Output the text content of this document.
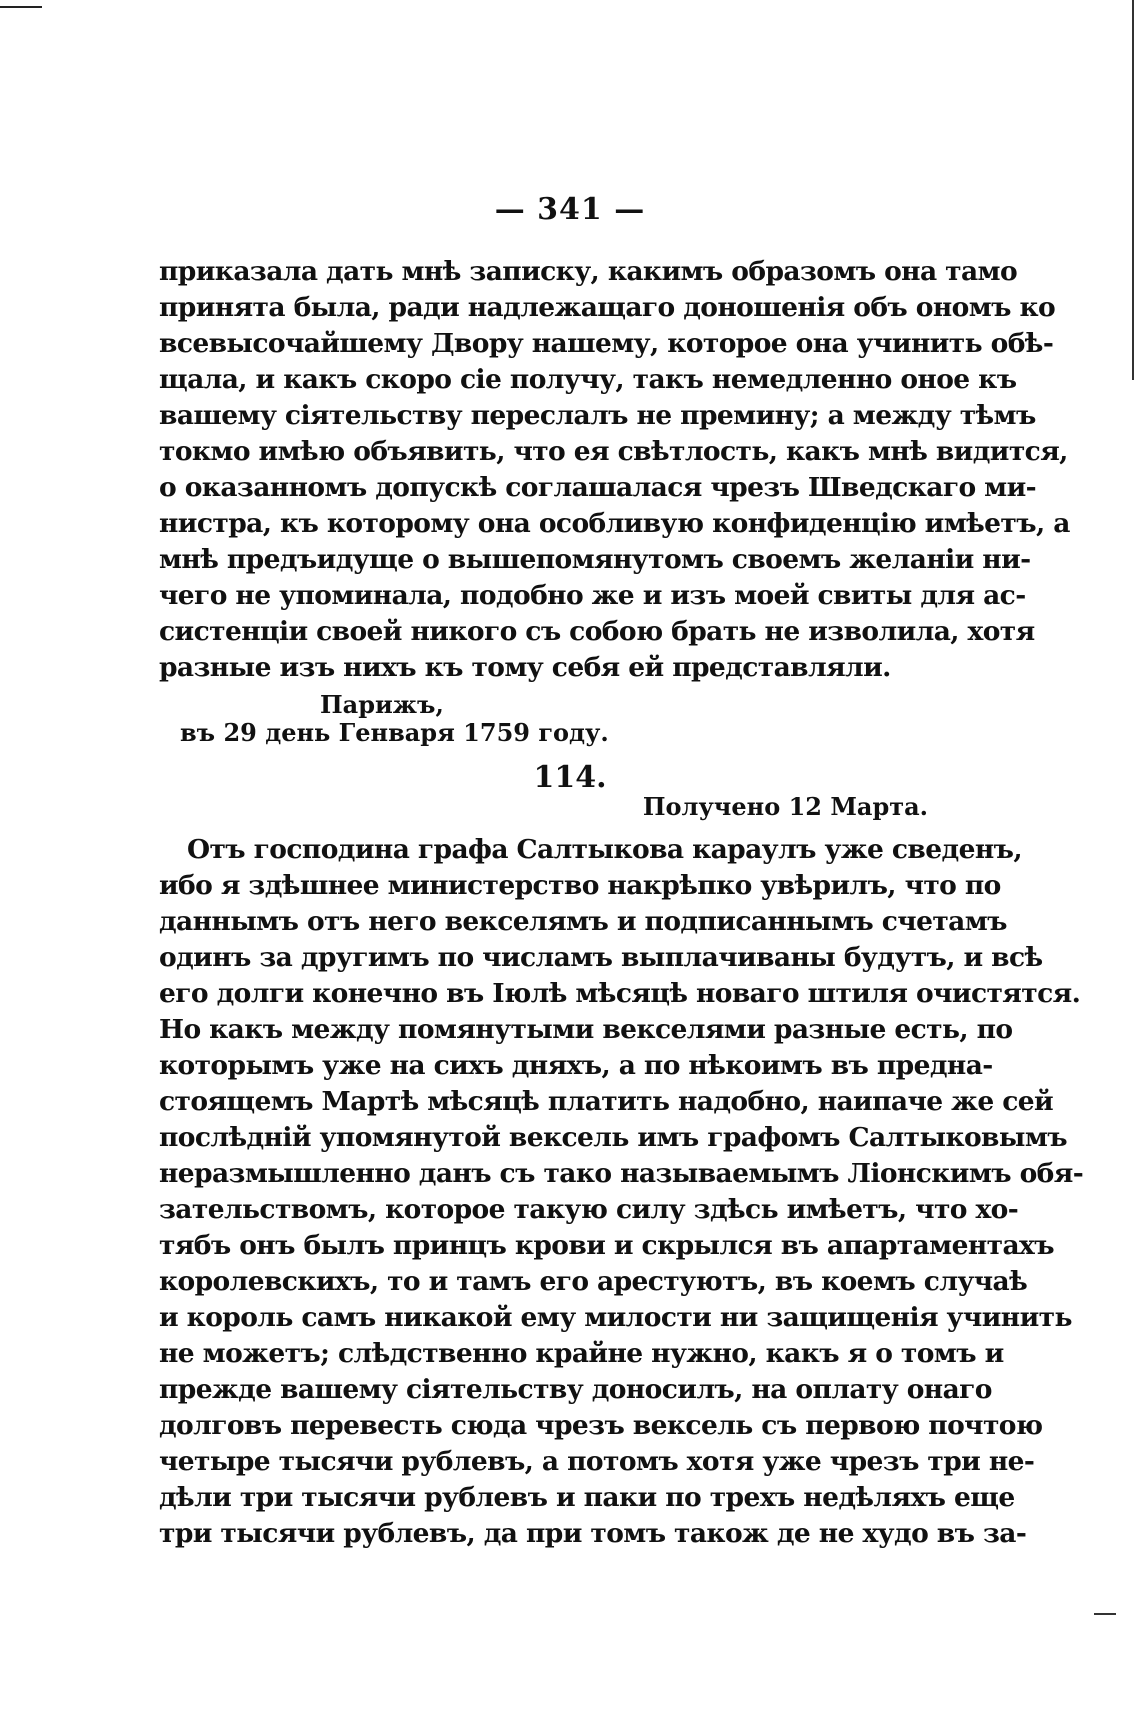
— 341 —
приказала дать мнѣ записку, какимъ образомъ она тамо
принята была, ради надлежащаго доношенія объ ономъ ко
всевысочайшему Двору нашему, которое она учинить обѣ-
щала, и какъ скоро сіе получу, такъ немедленно оное къ
вашему сіятельству переслалъ не премину; а между тѣмъ
токмо имѣю объявить, что ея свѣтлость, какъ мнѣ видится,
о оказанномъ допускѣ соглашалася чрезъ Шведскаго ми-
нистра, къ которому она особливую конфиденцію имѣетъ, а
мнѣ предъидуще о вышепомянутомъ своемъ желаніи ни-
чего не упоминала, подобно же и изъ моей свиты для ас-
систенціи своей никого съ собою брать не изволила, хотя
разные изъ нихъ къ тому себя ей представляли.
Парижъ,
въ 29 день Генваря 1759 году.
114.
Получено 12 Марта.
Отъ господина графа Салтыкова караулъ уже сведенъ,
ибо я здѣшнее министерство накрѣпко увѣрилъ, что по
даннымъ отъ него векселямъ и подписаннымъ счетамъ
одинъ за другимъ по числамъ выплачиваны будутъ, и всѣ
его долги конечно въ Іюлѣ мѣсяцѣ новаго штиля очистятся.
Но какъ между помянутыми векселями разные есть, по
которымъ уже на сихъ дняхъ, а по нѣкоимъ въ предна-
стоящемъ Мартѣ мѣсяцѣ платить надобно, наипаче же сей
послѣдній упомянутой вексель имъ графомъ Салтыковымъ
неразмышленно данъ съ тако называемымъ Ліонскимъ обя-
зательствомъ, которое такую силу здѣсь имѣетъ, что хо-
тябъ онъ былъ принцъ крови и скрылся въ апартаментахъ
королевскихъ, то и тамъ его арестуютъ, въ коемъ случаѣ
и король самъ никакой ему милости ни защищенія учинить
не можетъ; слѣдственно крайне нужно, какъ я о томъ и
прежде вашему сіятельству доносилъ, на оплату онаго
долговъ перевесть сюда чрезъ вексель съ первою почтою
четыре тысячи рублевъ, а потомъ хотя уже чрезъ три не-
дѣли три тысячи рублевъ и паки по трехъ недѣляхъ еще
три тысячи рублевъ, да при томъ також де не худо въ за-
